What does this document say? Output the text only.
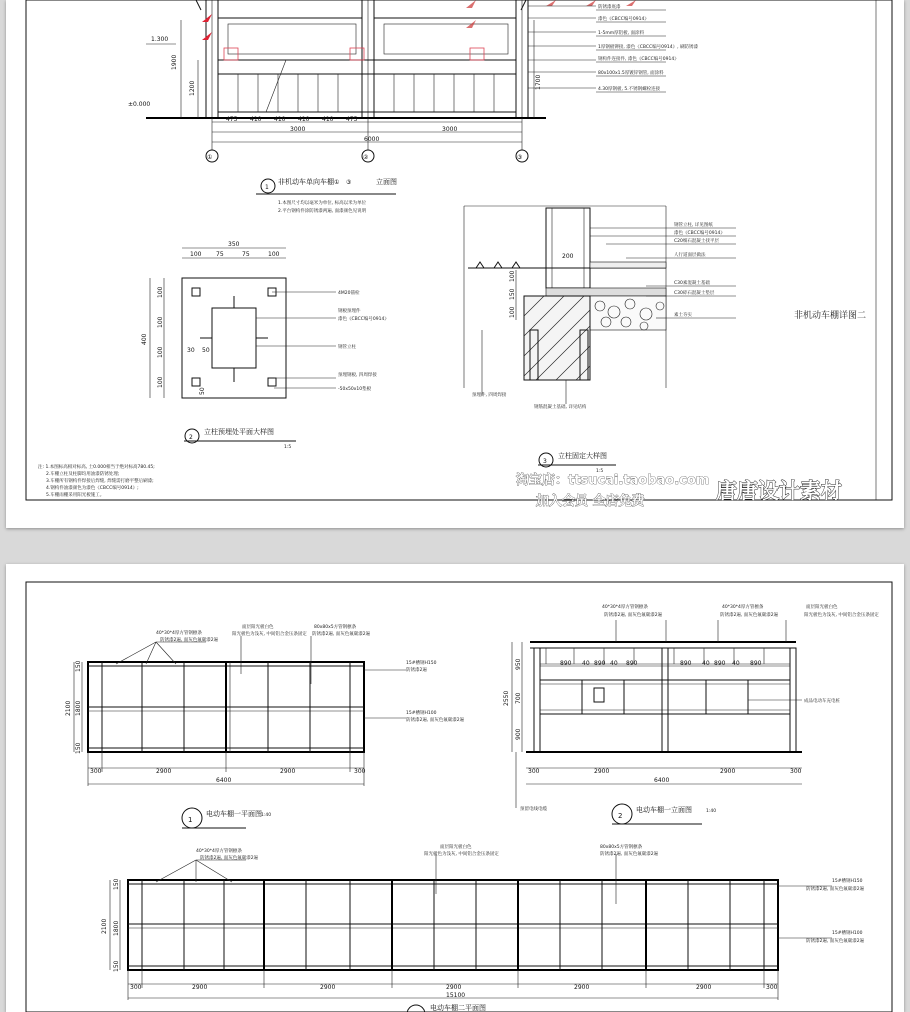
1.300
±0.000
1900
1200	1700
475 410 410 410 410 475
3000	3000
6000
①	②	③
防锈漆底漆
漆色《CBCC编号0914》
1-5mm厚铝板, 面涂料
1厚钢板铆接, 漆色《CBCC编号0914》, 刷防锈漆
钢构件连接件, 漆色《CBCC编号0914》
80x100x1.5厚镀锌钢管, 面涂料
4.30厚钢板, 5.不锈钢螺栓连接
1
非机动车单向车棚 ① ③	立面图
1.本图尺寸均以毫米为单位, 标高以米为单位
2.平台钢构件涂防锈漆两遍, 面漆颜色见说明
350
100 75	75	100
400
100
100
100
100
30 50
50
4M20锚栓
钢板预埋件
漆色《CBCC编号0914》
钢管立柱
预埋钢板, 四周焊接
-50x50x10垫板
2
立柱预埋处平面大样图
1:5
200
100
150
100
钢管立柱, 详见图纸
漆色《CBCC编号0914》
C20细石混凝土找平层
人行道面层做法
C30素混凝土基础
C30碎石混凝土垫层
素土夯实
预埋件, 四周焊接
钢筋混凝土基础, 详见结构
3
立柱固定大样图
1:5
非机动车棚详图二
注: 1.本图标高相对标高, 土0.000相当于绝对标高780.45;
2.车棚立柱及柱脚均用油漆防锈处理;
3.车棚所有钢构件焊接后焊缝, 焊缝需打磨平整后刷漆;
4.钢构件油漆颜色为漆色《CBCC编号0914》;
5.车棚雨棚采用阳光板施工。
淘宝店：ttsucai.taobao.com
加入会员 全店免费	唐唐设计素材
40*30*4厚方管钢檩条
防锈漆2遍, 面灰色氟碳漆2遍
面层阳光板白色
阳光板色为浅灰, 中间铝合金压条固定
80x80x5方管钢檩条
防锈漆2遍, 面灰色氟碳漆2遍
15#槽钢H150
防锈漆2遍
15#槽钢H100
防锈漆2遍, 面灰色氟碳漆2遍
2100
150
1800
150
300	2900	2900	300
6400
1
电动车棚一平面图 1:40
890 40 890 40 890	890 40 890 40 890
2550
950
700
900
300	2900	2900	300
6400
40*30*4厚方管钢檩条
防锈漆2遍, 面灰色氟碳漆2遍
40*30*4厚方管檩条
防锈漆2遍, 面灰色氟碳漆2遍
面层阳光板白色
阳光板色为浅灰, 中间铝合金压条固定
成品电动车充电桩
预留电线电缆
2
电动车棚一立面图	1:40
40*30*4厚方管钢檩条
防锈漆2遍, 面灰色氟碳漆2遍
面层阳光板白色
阳光板色为浅灰, 中间铝合金压条固定
80x80x5方管钢檩条
防锈漆2遍, 面灰色氟碳漆2遍
15#槽钢H150
防锈漆2遍, 面灰色氟碳漆2遍
15#槽钢H100
防锈漆2遍, 面灰色氟碳漆2遍
2100
150
1800
150
300	2900	2900	2900	2900	2900	300
15100
电动车棚二平面图
